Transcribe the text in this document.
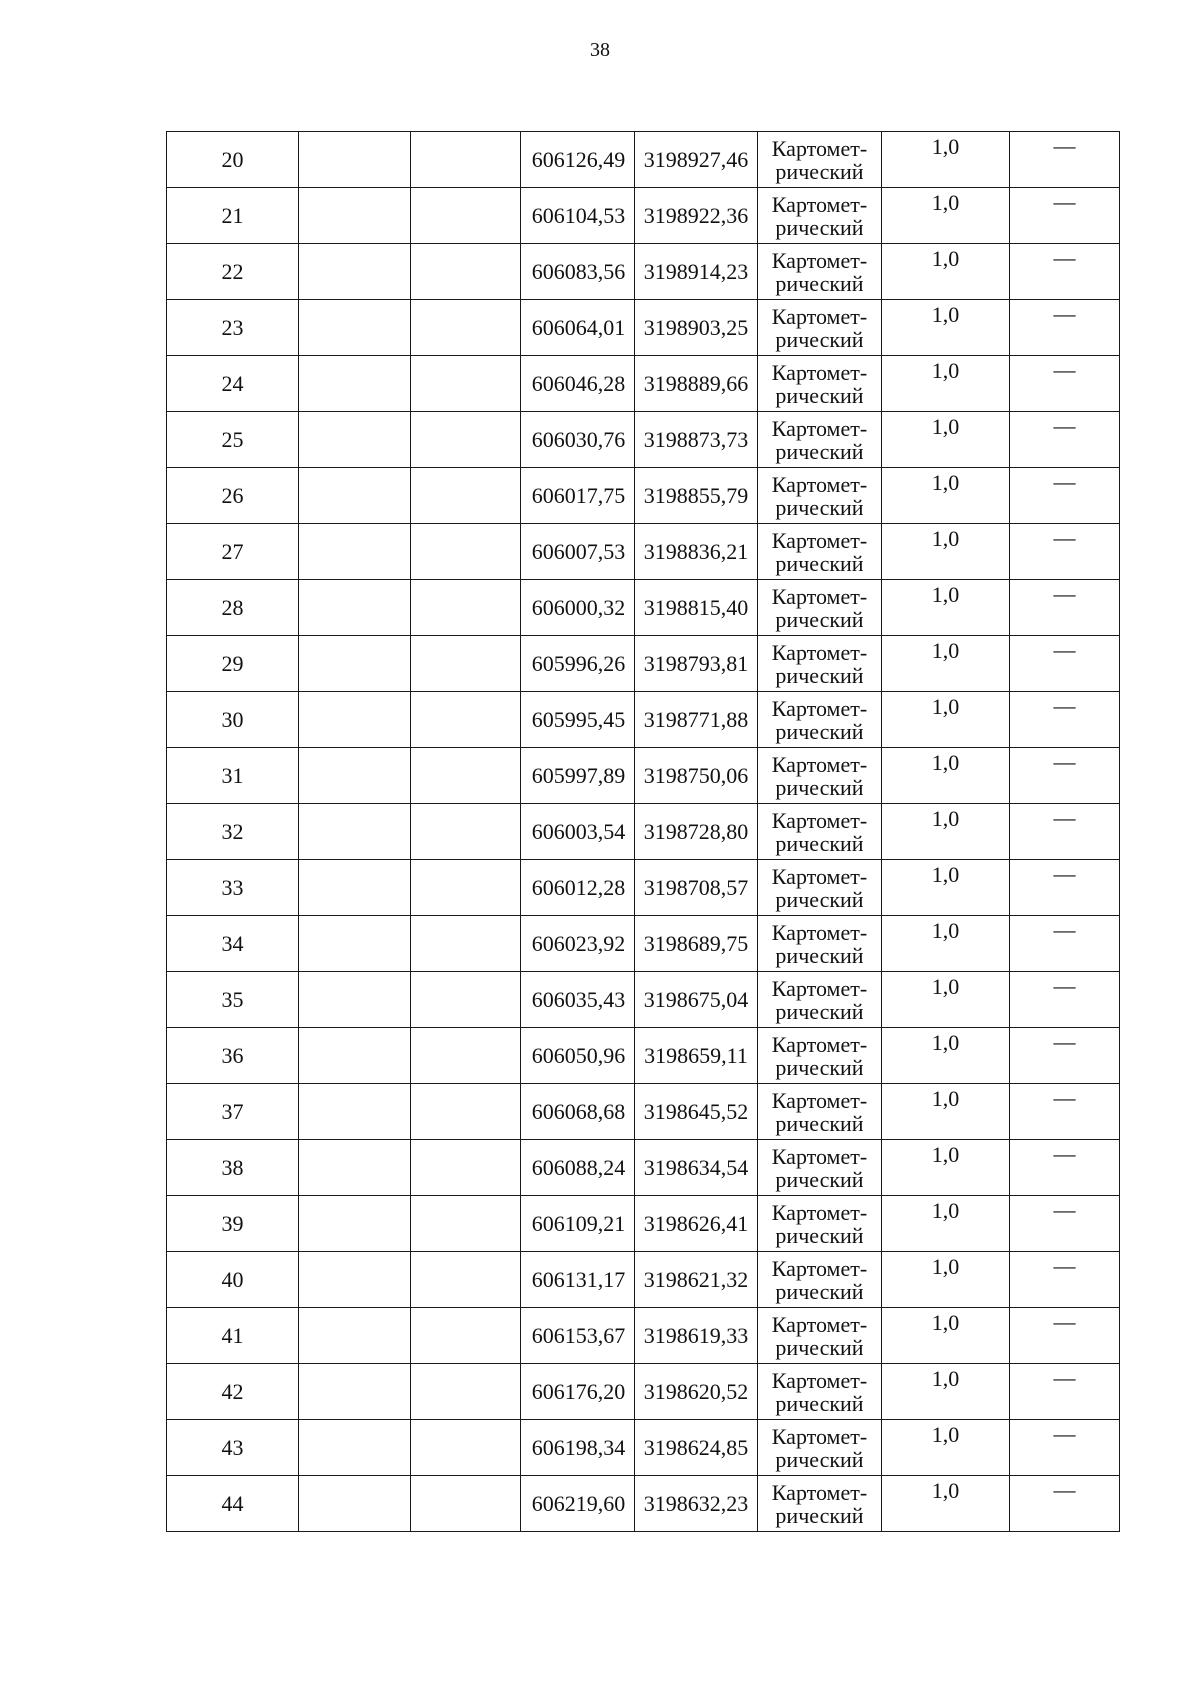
38
20			606126,49	3198927,46	Картомет-
рический	1,0	—
21			606104,53	3198922,36	Картомет-
рический	1,0	—
22			606083,56	3198914,23	Картомет-
рический	1,0	—
23			606064,01	3198903,25	Картомет-
рический	1,0	—
24			606046,28	3198889,66	Картомет-
рический	1,0	—
25			606030,76	3198873,73	Картомет-
рический	1,0	—
26			606017,75	3198855,79	Картомет-
рический	1,0	—
27			606007,53	3198836,21	Картомет-
рический	1,0	—
28			606000,32	3198815,40	Картомет-
рический	1,0	—
29			605996,26	3198793,81	Картомет-
рический	1,0	—
30			605995,45	3198771,88	Картомет-
рический	1,0	—
31			605997,89	3198750,06	Картомет-
рический	1,0	—
32			606003,54	3198728,80	Картомет-
рический	1,0	—
33			606012,28	3198708,57	Картомет-
рический	1,0	—
34			606023,92	3198689,75	Картомет-
рический	1,0	—
35			606035,43	3198675,04	Картомет-
рический	1,0	—
36			606050,96	3198659,11	Картомет-
рический	1,0	—
37			606068,68	3198645,52	Картомет-
рический	1,0	—
38			606088,24	3198634,54	Картомет-
рический	1,0	—
39			606109,21	3198626,41	Картомет-
рический	1,0	—
40			606131,17	3198621,32	Картомет-
рический	1,0	—
41			606153,67	3198619,33	Картомет-
рический	1,0	—
42			606176,20	3198620,52	Картомет-
рический	1,0	—
43			606198,34	3198624,85	Картомет-
рический	1,0	—
44			606219,60	3198632,23	Картомет-
рический	1,0	—
